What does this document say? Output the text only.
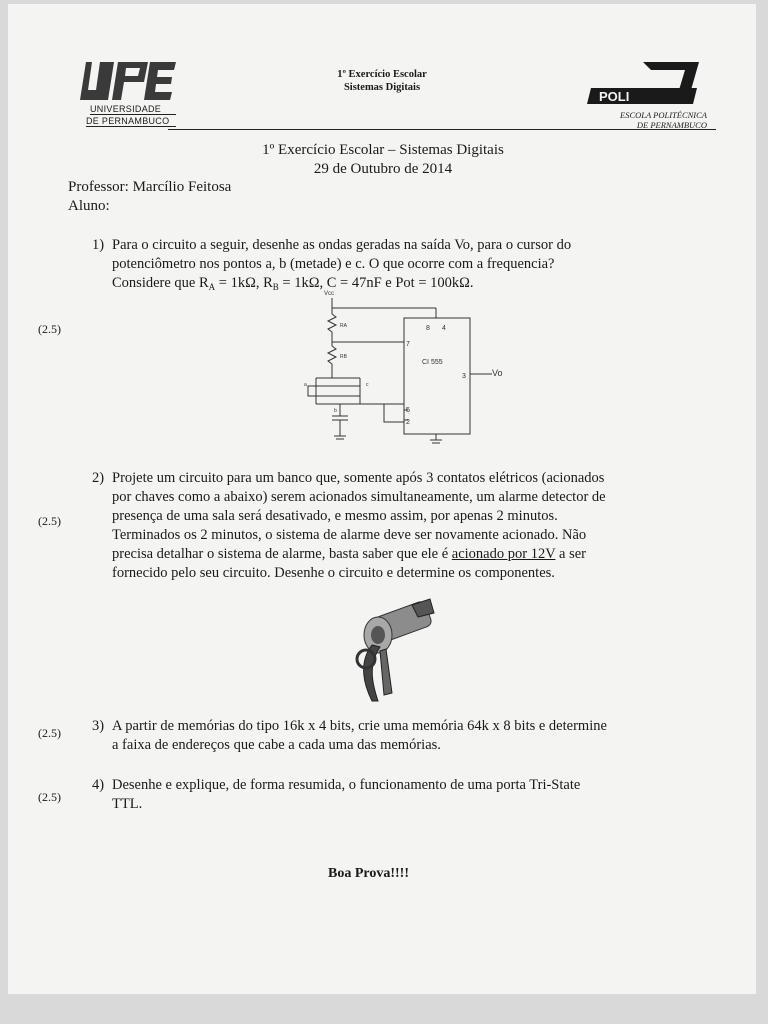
UNIVERSIDADE
DE PERNAMBUCO
1º Exercício Escolar
Sistemas Digitais
POLI
ESCOLA POLITÉCNICA
DE PERNAMBUCO
1º Exercício Escolar – Sistemas Digitais
29 de Outubro de 2014
Professor: Marcílio Feitosa
Aluno:
1) Para o circuito a seguir, desenhe as ondas geradas na saída Vo, para o cursor do
potenciômetro nos pontos a, b (metade) e c. O que ocorre com a frequencia?
Considere que $R_A = 1k\Omega$, $R_B = 1k\Omega$, C = 47nF e Pot = 100kΩ.
(2.5)
Vcc
RA
RB
a
b
c
8 4
7
3
5
2
CI 555
Vo
2) Projete um circuito para um banco que, somente após 3 contatos elétricos (acionados
por chaves como a abaixo) serem acionados simultaneamente, um alarme detector de
presença de uma sala será desativado, e mesmo assim, por apenas 2 minutos.
Terminados os 2 minutos, o sistema de alarme deve ser novamente acionado. Não
precisa detalhar o sistema de alarme, basta saber que ele é acionado por 12V a ser
fornecido pelo seu circuito. Desenhe o circuito e determine os componentes.
(2.5)
3) A partir de memórias do tipo 16k x 4 bits, crie uma memória 64k x 8 bits e determine
a faixa de endereços que cabe a cada uma das memórias.
(2.5)
4) Desenhe e explique, de forma resumida, o funcionamento de uma porta Tri-State
TTL.
(2.5)
Boa Prova!!!!
